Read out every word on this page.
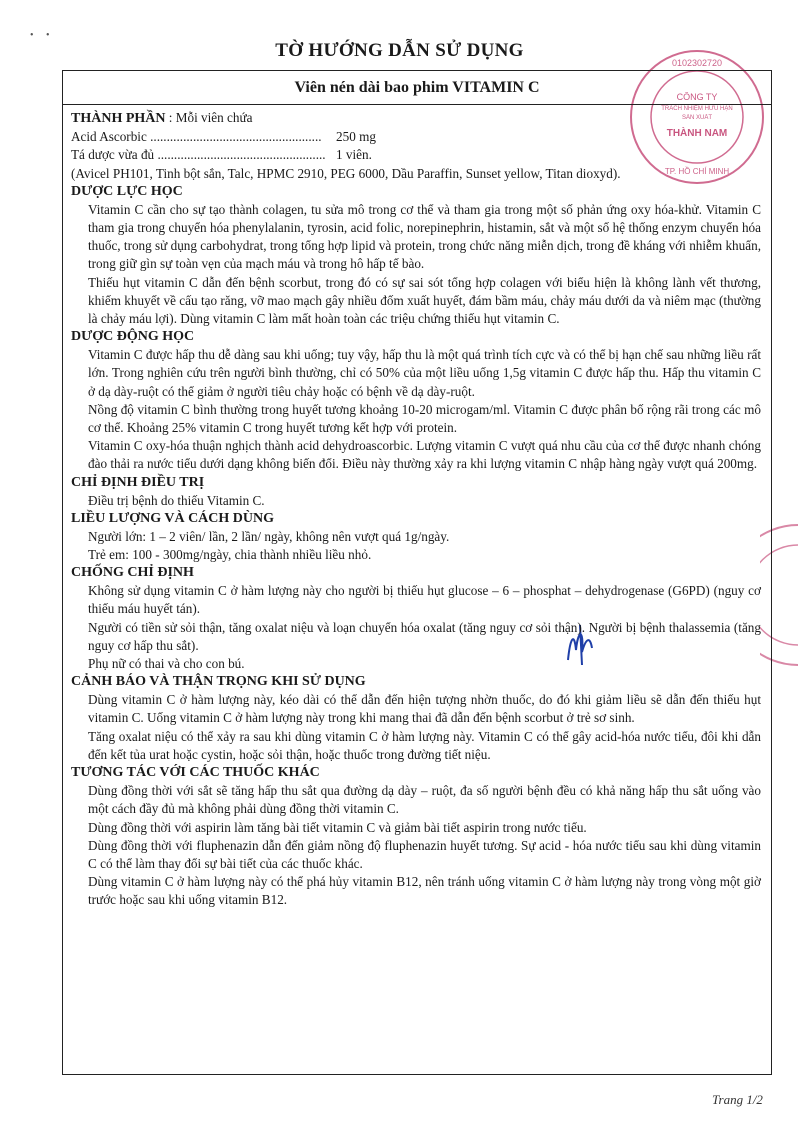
•     •
TỜ HƯỚNG DẪN SỬ DỤNG
0102302720
CÔNG TY
TRÁCH NHIỆM HỮU HẠN
SẢN XUẤT
THÀNH NAM
TP. HỒ CHÍ MINH
Viên nén dài bao phim VITAMIN C
THÀNH PHẦN : Mỗi viên chứa
Acid Ascorbic ....................................................	250 mg
Tá dược vừa đủ ................................................... 1 viên.
(Avicel PH101, Tinh bột sắn, Talc, HPMC 2910, PEG 6000, Dầu Paraffin, Sunset yellow, Titan dioxyd).
DƯỢC LỰC HỌC

Vitamin C cần cho sự tạo thành colagen, tu sửa mô trong cơ thể và tham gia trong một số phản ứng oxy hóa-khử. Vitamin C tham gia trong chuyển hóa phenylalanin, tyrosin, acid folic, norepinephrin, histamin, sắt và một số hệ thống enzym chuyển hóa thuốc, trong sử dụng carbohydrat, trong tổng hợp lipid và protein, trong chức năng miễn dịch, trong đề kháng với nhiễm khuẩn, trong giữ gìn sự toàn vẹn của mạch máu và trong hô hấp tế bào.

Thiếu hụt vitamin C dẫn đến bệnh scorbut, trong đó có sự sai sót tổng hợp colagen với biểu hiện là không lành vết thương, khiếm khuyết về cấu tạo răng, vỡ mao mạch gây nhiều đốm xuất huyết, đám bầm máu, chảy máu dưới da và niêm mạc (thường là chảy máu lợi). Dùng vitamin C làm mất hoàn toàn các triệu chứng thiếu hụt vitamin C.

DƯỢC ĐỘNG HỌC

Vitamin C được hấp thu dễ dàng sau khi uống; tuy vậy, hấp thu là một quá trình tích cực và có thể bị hạn chế sau những liều rất lớn. Trong nghiên cứu trên người bình thường, chỉ có 50% của một liều uống 1,5g vitamin C được hấp thu. Hấp thu vitamin C ở dạ dày-ruột có thể giảm ở người tiêu chảy hoặc có bệnh về dạ dày-ruột.

Nồng độ vitamin C bình thường trong huyết tương khoảng 10-20 microgam/ml. Vitamin C được phân bố rộng rãi trong các mô cơ thể. Khoảng 25% vitamin C trong huyết tương kết hợp với protein.

Vitamin C oxy-hóa thuận nghịch thành acid dehydroascorbic. Lượng vitamin C vượt quá nhu cầu của cơ thể được nhanh chóng đào thải ra nước tiểu dưới dạng không biến đổi. Điều này thường xảy ra khi lượng vitamin C nhập hàng ngày vượt quá 200mg.

CHỈ ĐỊNH ĐIỀU TRỊ

Điều trị bệnh do thiếu Vitamin C.

LIỀU LƯỢNG VÀ CÁCH DÙNG

Người lớn: 1 – 2 viên/ lần, 2 lần/ ngày, không nên vượt quá 1g/ngày.

Trẻ em: 100 - 300mg/ngày, chia thành nhiều liều nhỏ.

CHỐNG CHỈ ĐỊNH

Không sử dụng vitamin C ở hàm lượng này cho người bị thiếu hụt glucose – 6 – phosphat – dehydrogenase (G6PD) (nguy cơ thiếu máu huyết tán).

Người có tiền sử sỏi thận, tăng oxalat niệu và loạn chuyển hóa oxalat (tăng nguy cơ sỏi thận). Người bị bệnh thalassemia (tăng nguy cơ hấp thu sắt).

Phụ nữ có thai và cho con bú.

CẢNH BÁO VÀ THẬN TRỌNG KHI SỬ DỤNG

Dùng vitamin C ở hàm lượng này, kéo dài có thể dẫn đến hiện tượng nhờn thuốc, do đó khi giảm liều sẽ dẫn đến thiếu hụt vitamin C. Uống vitamin C ở hàm lượng này trong khi mang thai đã dẫn đến bệnh scorbut ở trẻ sơ sinh.

Tăng oxalat niệu có thể xảy ra sau khi dùng vitamin C ở hàm lượng này. Vitamin C có thể gây acid-hóa nước tiểu, đôi khi dẫn đến kết tủa urat hoặc cystin, hoặc sỏi thận, hoặc thuốc trong đường tiết niệu.

TƯƠNG TÁC VỚI CÁC THUỐC KHÁC

Dùng đồng thời với sắt sẽ tăng hấp thu sắt qua đường dạ dày – ruột, đa số người bệnh đều có khả năng hấp thu sắt uống vào một cách đầy đủ mà không phải dùng đồng thời vitamin C.

Dùng đồng thời với aspirin làm tăng bài tiết vitamin C và giảm bài tiết aspirin trong nước tiểu.

Dùng đồng thời với fluphenazin dẫn đến giảm nồng độ fluphenazin huyết tương. Sự acid - hóa nước tiểu sau khi dùng vitamin C có thể làm thay đổi sự bài tiết của các thuốc khác.

Dùng vitamin C ở hàm lượng này có thể phá hủy vitamin B12, nên tránh uống vitamin C ở hàm lượng này trong vòng một giờ trước hoặc sau khi uống vitamin B12.

Trang 1/2
